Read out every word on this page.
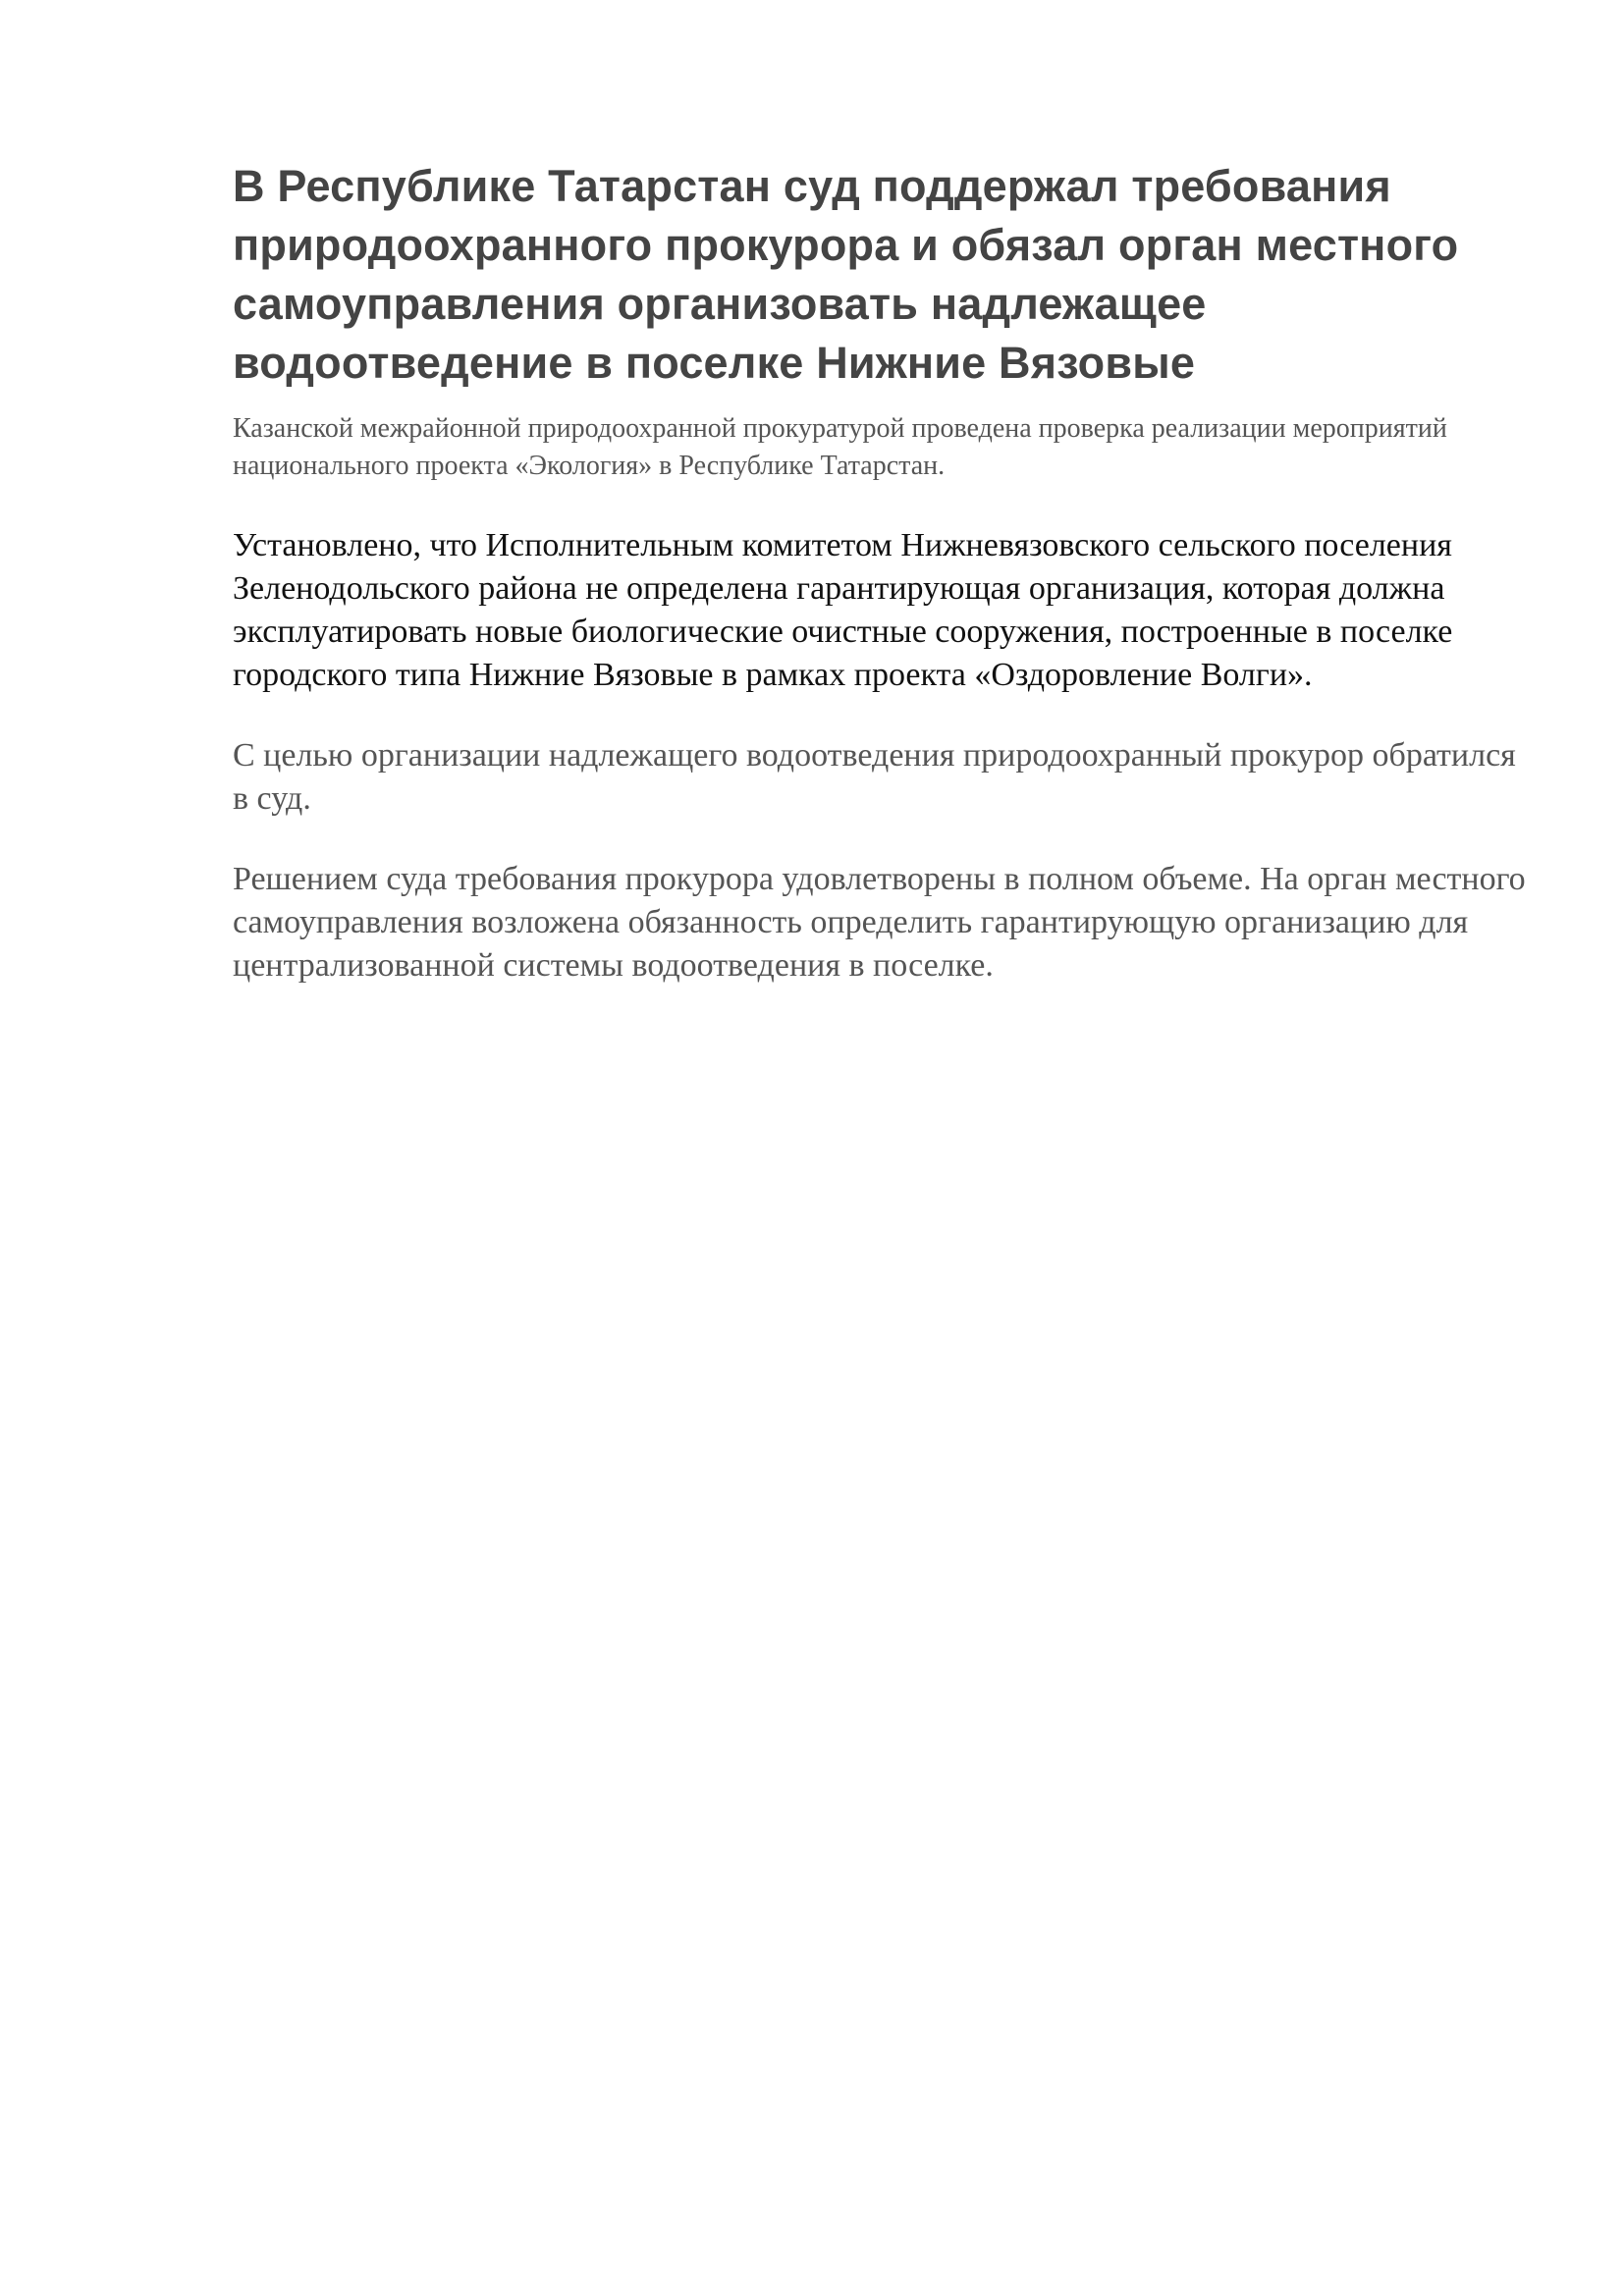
В Республике Татарстан суд поддержал требования природоохранного прокурора и обязал орган местного самоуправления организовать надлежащее водоотведение в поселке Нижние Вязовые

Казанской межрайонной природоохранной прокуратурой проведена проверка реализации мероприятий национального проекта «Экология» в Республике Татарстан.

Установлено, что Исполнительным комитетом Нижневязовского сельского поселения Зеленодольского района не определена гарантирующая организация, которая должна эксплуатировать новые биологические очистные сооружения, построенные в поселке городского типа Нижние Вязовые в рамках проекта «Оздоровление Волги».

С целью организации надлежащего водоотведения природоохранный прокурор обратился в суд.

Решением суда требования прокурора удовлетворены в полном объеме. На орган местного самоуправления возложена обязанность определить гарантирующую организацию для централизованной системы водоотведения в поселке.
